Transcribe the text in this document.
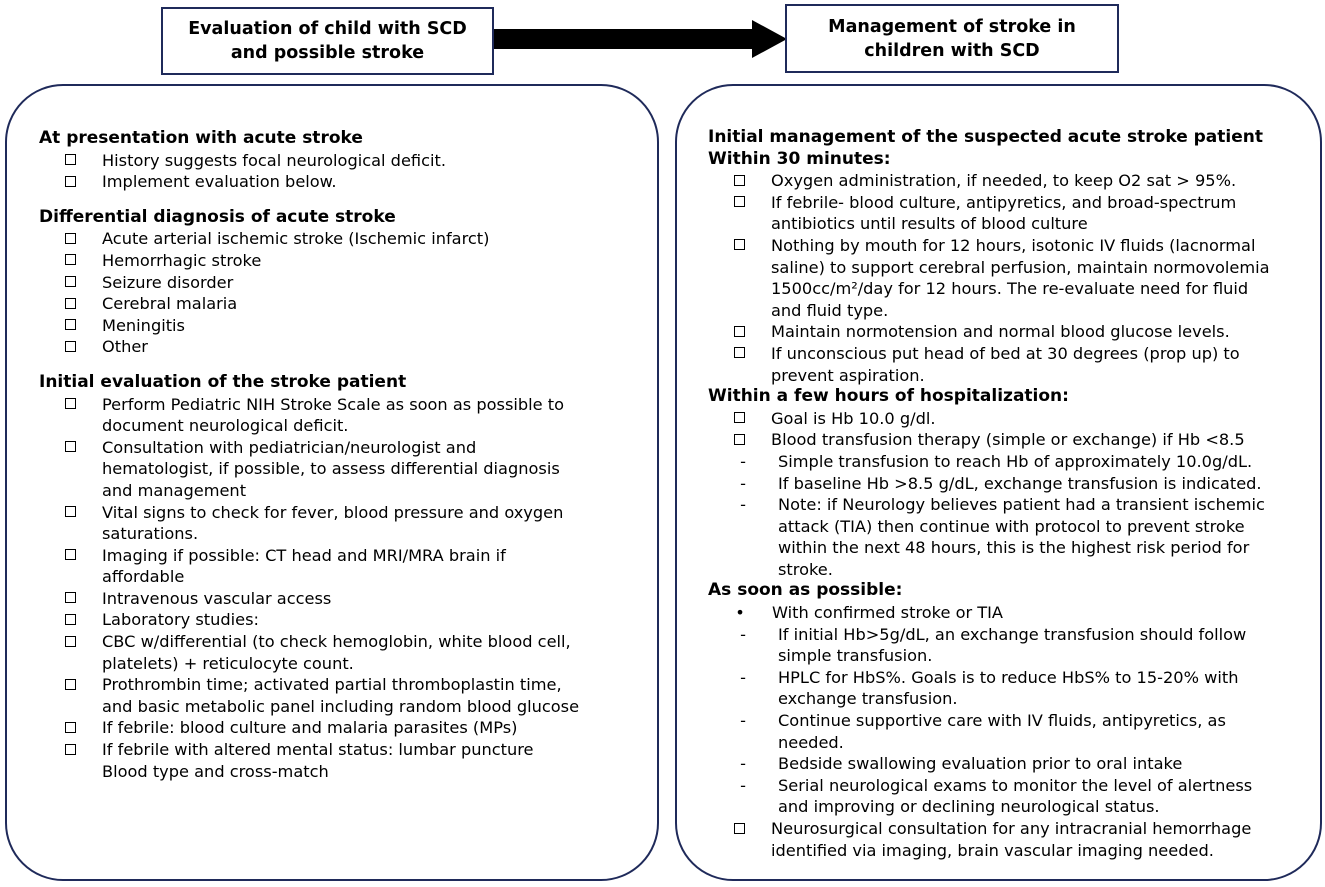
Evaluation of child with SCD
and possible stroke
Management of stroke in
children with SCD
At presentation with acute stroke
History suggests focal neurological deficit.
Implement evaluation below.
Differential diagnosis of acute stroke
Acute arterial ischemic stroke (Ischemic infarct)
Hemorrhagic stroke
Seizure disorder
Cerebral malaria
Meningitis
Other
Initial evaluation of the stroke patient
Perform Pediatric NIH Stroke Scale as soon as possible to
document neurological deficit.
Consultation with pediatrician/neurologist and
hematologist, if possible, to assess differential diagnosis
and management
Vital signs to check for fever, blood pressure and oxygen
saturations.
Imaging if possible: CT head and MRI/MRA brain if
affordable
Intravenous vascular access
Laboratory studies:
CBC w/differential (to check hemoglobin, white blood cell,
platelets) + reticulocyte count.
Prothrombin time; activated partial thromboplastin time,
and basic metabolic panel including random blood glucose
If febrile: blood culture and malaria parasites (MPs)
If febrile with altered mental status: lumbar puncture
Blood type and cross-match
Initial management of the suspected acute stroke patient
Within 30 minutes:
Oxygen administration, if needed, to keep O2 sat > 95%.
If febrile- blood culture, antipyretics, and broad-spectrum
antibiotics until results of blood culture
Nothing by mouth for 12 hours, isotonic IV fluids (lacnormal
saline) to support cerebral perfusion, maintain normovolemia
1500cc/m²/day for 12 hours. The re-evaluate need for fluid
and fluid type.
Maintain normotension and normal blood glucose levels.
If unconscious put head of bed at 30 degrees (prop up) to
prevent aspiration.
Within a few hours of hospitalization:
Goal is Hb 10.0 g/dl.
Blood transfusion therapy (simple or exchange) if Hb <8.5
-	Simple transfusion to reach Hb of approximately 10.0g/dL.
-	If baseline Hb >8.5 g/dL, exchange transfusion is indicated.
-	Note: if Neurology believes patient had a transient ischemic
attack (TIA) then continue with protocol to prevent stroke
within the next 48 hours, this is the highest risk period for
stroke.
As soon as possible:
•	With confirmed stroke or TIA
-	If initial Hb>5g/dL, an exchange transfusion should follow
simple transfusion.
-	HPLC for HbS%. Goals is to reduce HbS% to 15-20% with
exchange transfusion.
-	Continue supportive care with IV fluids, antipyretics, as
needed.
-	Bedside swallowing evaluation prior to oral intake
-	Serial neurological exams to monitor the level of alertness
and improving or declining neurological status.
Neurosurgical consultation for any intracranial hemorrhage
identified via imaging, brain vascular imaging needed.
